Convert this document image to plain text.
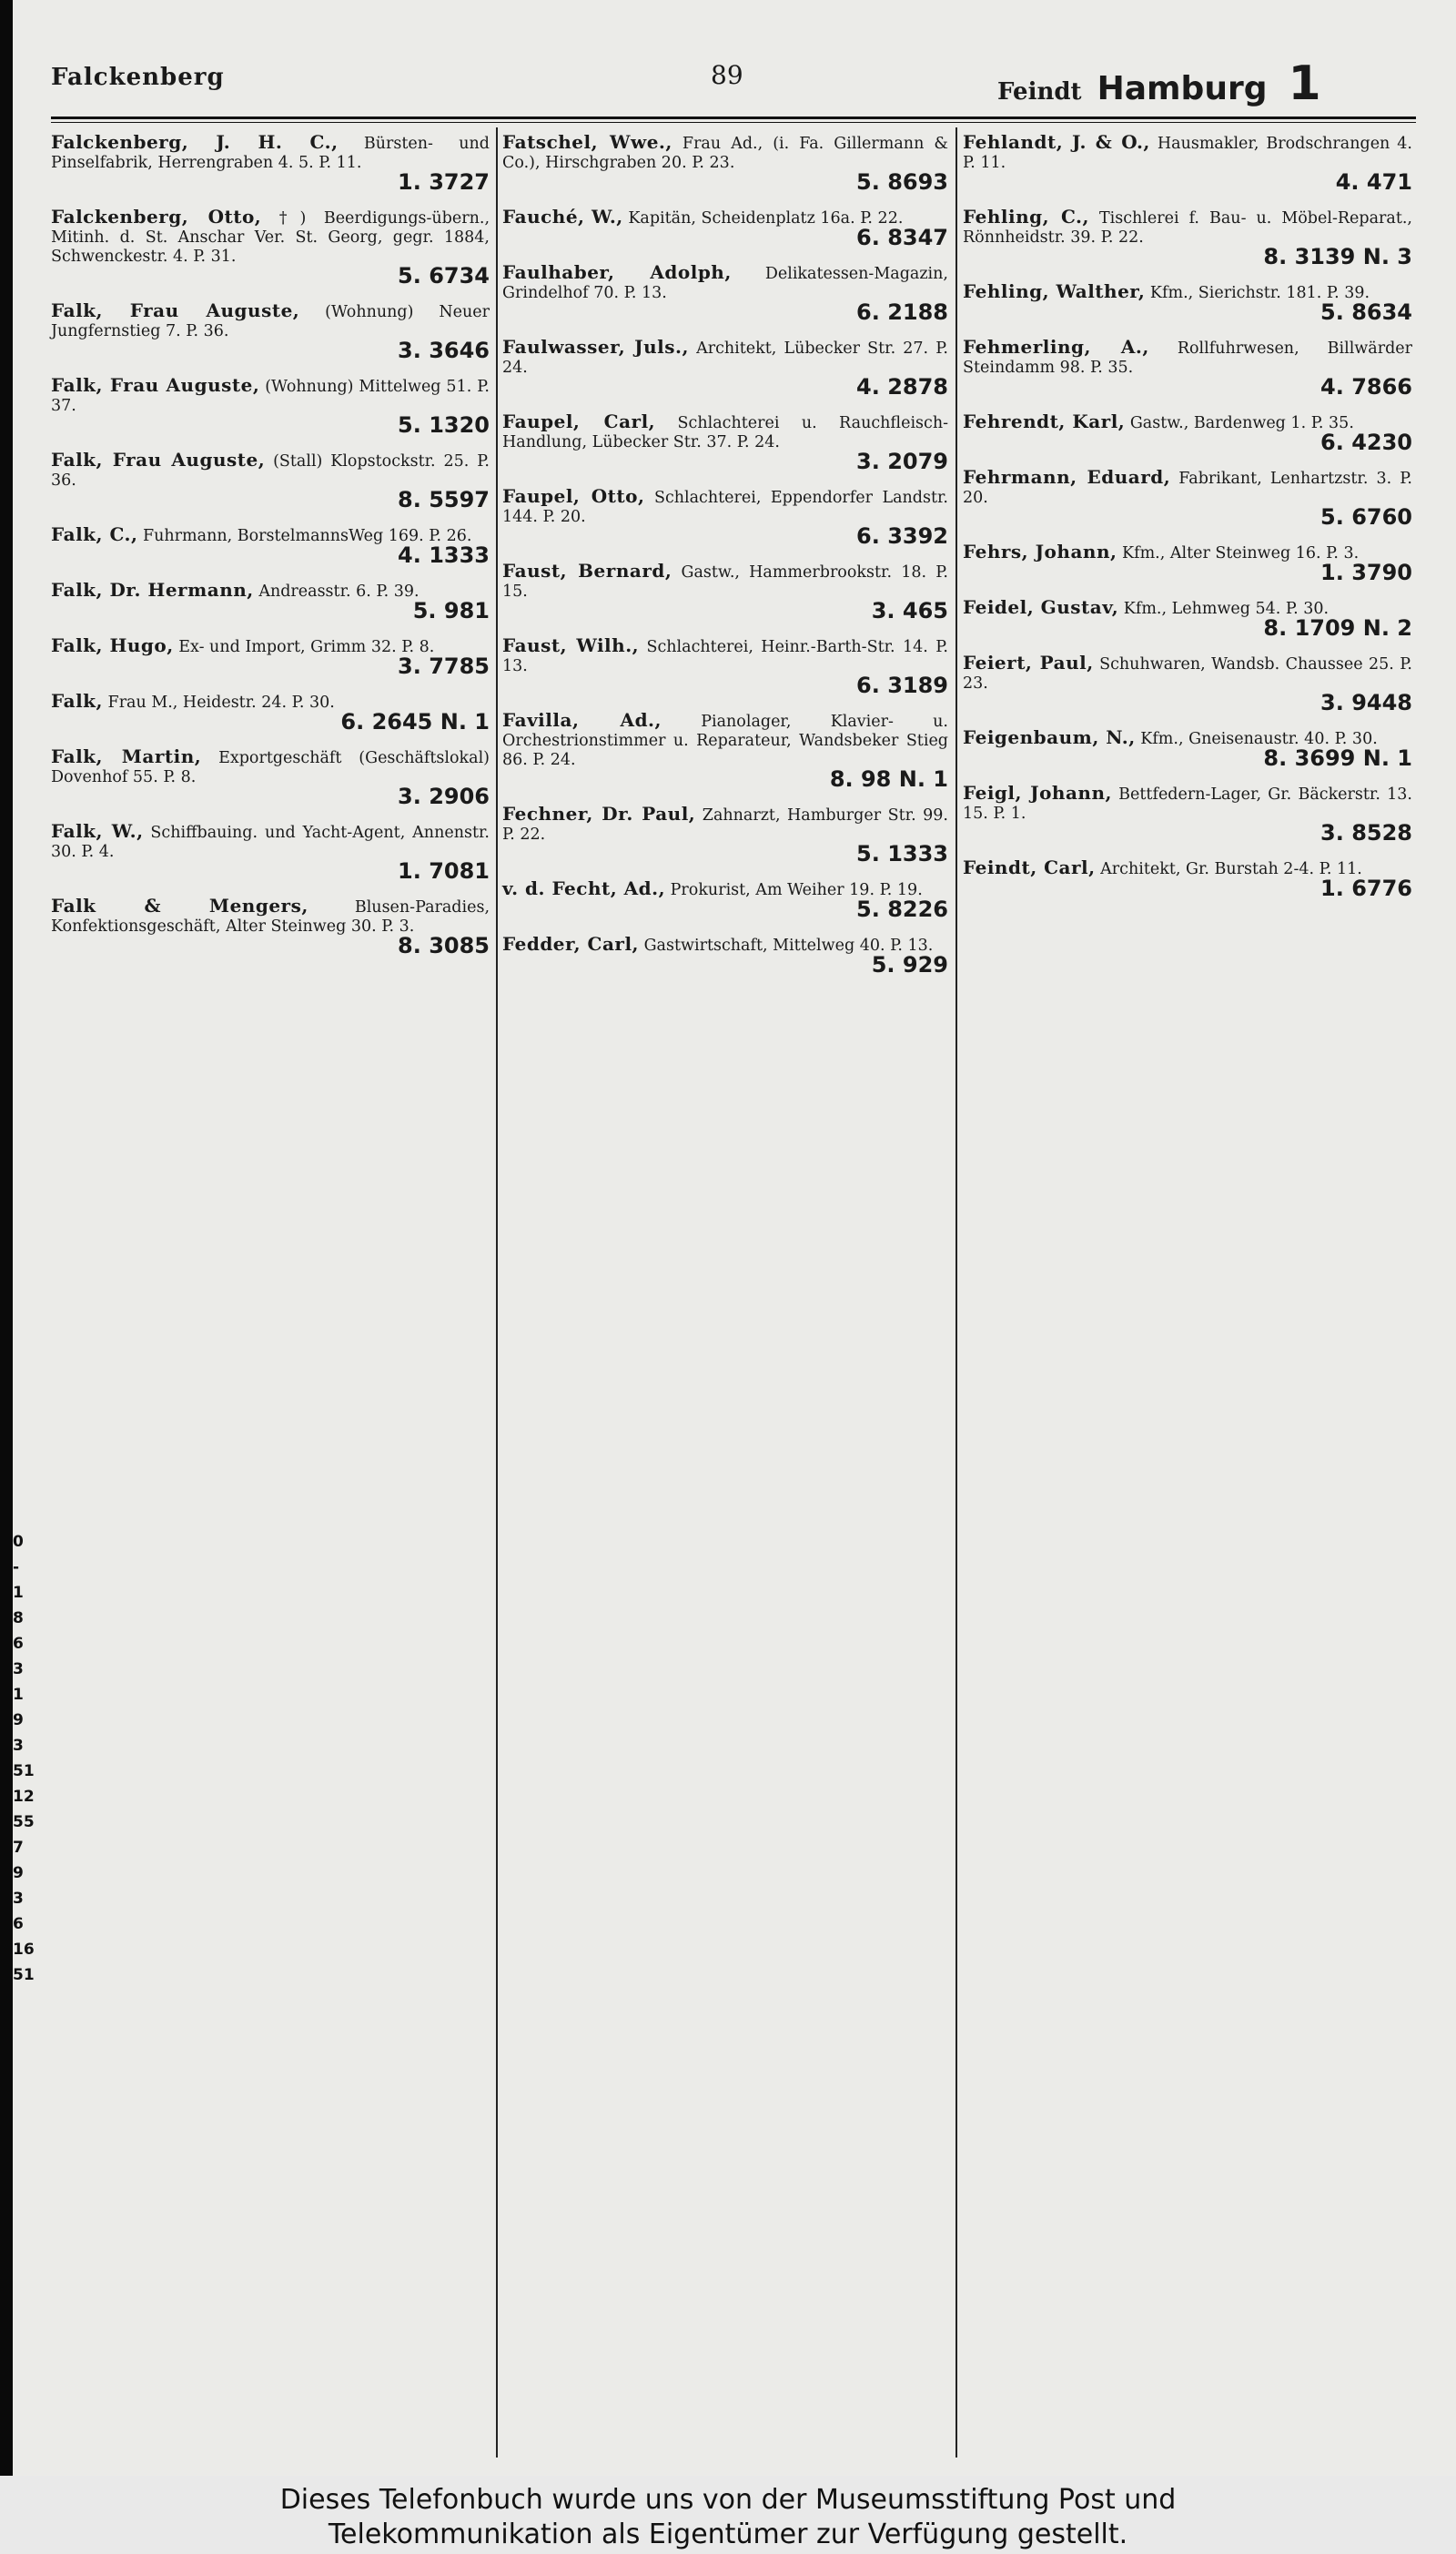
0
-
1
8
6
3
1
9
3
51
12
55
7
9
3
6
16
51
Falckenberg	89
Feindt Hamburg 1
Falckenberg, J. H. C., Bürsten- und Pinselfabrik, Herrengraben 4. 5. P. 11.
1. 3727
Falckenberg, Otto, †) Beerdigungs-übern., Mitinh. d. St. Anschar Ver. St. Georg, gegr. 1884, Schwenckestr. 4. P. 31.
5. 6734
Falk, Frau Auguste, (Wohnung) Neuer Jungfernstieg 7. P. 36.
3. 3646
Falk, Frau Auguste, (Wohnung) Mittelweg 51. P. 37.
5. 1320
Falk, Frau Auguste, (Stall) Klopstockstr. 25. P. 36.
8. 5597
Falk, C., Fuhrmann, BorstelmannsWeg 169. P. 26.
4. 1333
Falk, Dr. Hermann, Andreasstr. 6. P. 39.
5. 981
Falk, Hugo, Ex- und Import, Grimm 32. P. 8.
3. 7785
Falk, Frau M., Heidestr. 24. P. 30.
6. 2645 N. 1
Falk, Martin, Exportgeschäft (Geschäftslokal) Dovenhof 55. P. 8.
3. 2906
Falk, W., Schiffbauing. und Yacht-Agent, Annenstr. 30. P. 4.
1. 7081
Falk & Mengers, Blusen-Paradies, Konfektionsgeschäft, Alter Steinweg 30. P. 3.
8. 3085
Fatschel, Wwe., Frau Ad., (i. Fa. Gillermann & Co.), Hirschgraben 20. P. 23.
5. 8693
Fauché, W., Kapitän, Scheidenplatz 16a. P. 22.
6. 8347
Faulhaber, Adolph, Delikatessen-Magazin, Grindelhof 70. P. 13.
6. 2188
Faulwasser, Juls., Architekt, Lübecker Str. 27. P. 24.
4. 2878
Faupel, Carl, Schlachterei u. Rauchfleisch-Handlung, Lübecker Str. 37. P. 24.
3. 2079
Faupel, Otto, Schlachterei, Eppendorfer Landstr. 144. P. 20.
6. 3392
Faust, Bernard, Gastw., Hammerbrookstr. 18. P. 15.
3. 465
Faust, Wilh., Schlachterei, Heinr.-Barth-Str. 14. P. 13.
6. 3189
Favilla, Ad., Pianolager, Klavier- u. Orchestrionstimmer u. Reparateur, Wandsbeker Stieg 86. P. 24.
8. 98 N. 1
Fechner, Dr. Paul, Zahnarzt, Hamburger Str. 99. P. 22.
5. 1333
v. d. Fecht, Ad., Prokurist, Am Weiher 19. P. 19.
5. 8226
Fedder, Carl, Gastwirtschaft, Mittelweg 40. P. 13.
5. 929
Fehlandt, J. & O., Hausmakler, Brodschrangen 4. P. 11.
4. 471
Fehling, C., Tischlerei f. Bau- u. Möbel-Reparat., Rönnheidstr. 39. P. 22.
8. 3139 N. 3
Fehling, Walther, Kfm., Sierichstr. 181. P. 39.
5. 8634
Fehmerling, A., Rollfuhrwesen, Billwärder Steindamm 98. P. 35.
4. 7866
Fehrendt, Karl, Gastw., Bardenweg 1. P. 35.
6. 4230
Fehrmann, Eduard, Fabrikant, Lenhartzstr. 3. P. 20.
5. 6760
Fehrs, Johann, Kfm., Alter Steinweg 16. P. 3.
1. 3790
Feidel, Gustav, Kfm., Lehmweg 54. P. 30.
8. 1709 N. 2
Feiert, Paul, Schuhwaren, Wandsb. Chaussee 25. P. 23.
3. 9448
Feigenbaum, N., Kfm., Gneisenaustr. 40. P. 30.
8. 3699 N. 1
Feigl, Johann, Bettfedern-Lager, Gr. Bäckerstr. 13. 15. P. 1.
3. 8528
Feindt, Carl, Architekt, Gr. Burstah 2-4. P. 11.
1. 6776
Dieses Telefonbuch wurde uns von der Museumsstiftung Post und
Telekommunikation als Eigentümer zur Verfügung gestellt.
